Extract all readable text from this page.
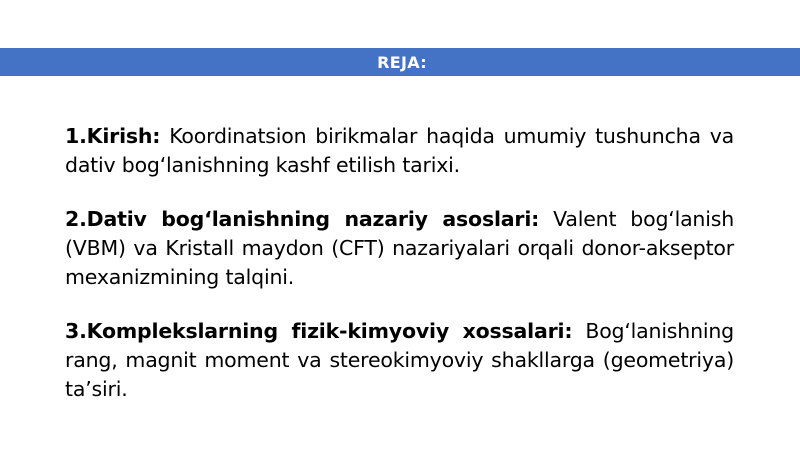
REJA:

1.Kirish: Koordinatsion birikmalar haqida umumiy tushuncha va dativ bog‘lanishning kashf etilish tarixi.

2.Dativ bog‘lanishning nazariy asoslari: Valent bog‘lanish (VBM) va Kristall maydon (CFT) nazariyalari orqali donor-akseptor mexanizmining talqini.

3.Komplekslarning fizik-kimyoviy xossalari: Bog‘lanishning rang, magnit moment va stereokimyoviy shakllarga (geometriya) ta’siri.
